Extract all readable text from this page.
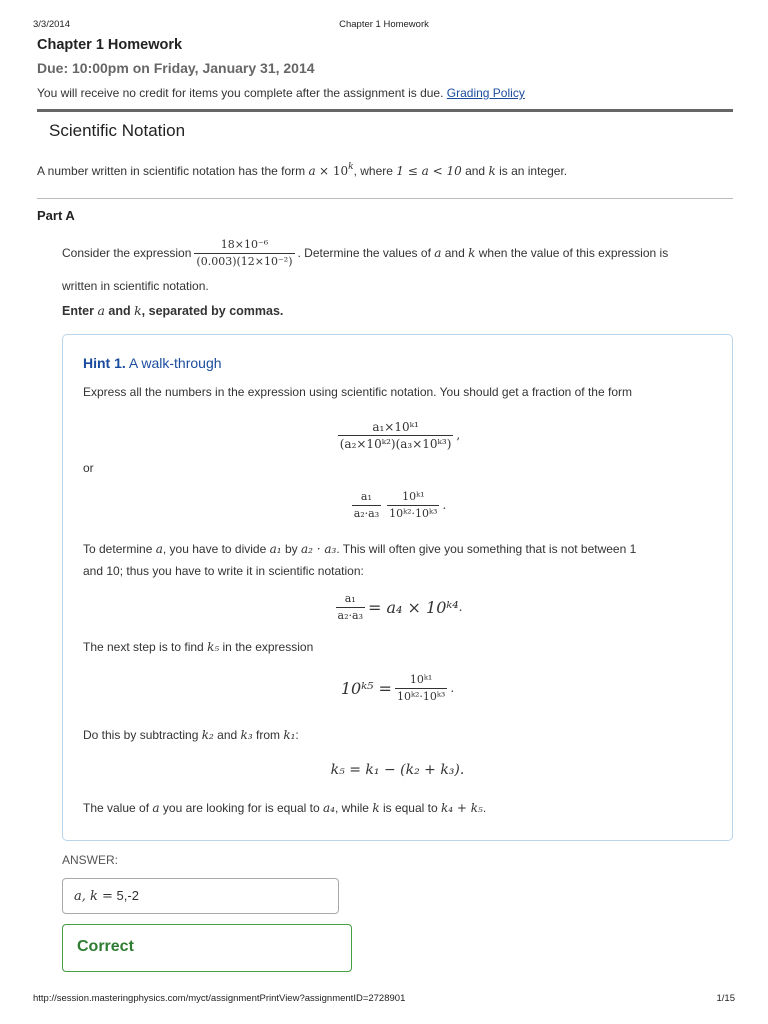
3/3/2014	Chapter 1 Homework
Chapter 1 Homework
Due: 10:00pm on Friday, January 31, 2014
You will receive no credit for items you complete after the assignment is due. Grading Policy
Scientific Notation
A number written in scientific notation has the form $a \times 10^k$, where 1 ≤ a < 10 and k is an integer.
Part A
Consider the expression $\frac{\text{18×10⁻⁶}}{\text{(0.003)(12×10⁻²)}}$ . Determine the values of
a
and
k
when the value of this expression is
written in scientific notation.
Enter a and k, separated by commas.
Hint 1. A walk-through
Express all the numbers in the expression using scientific notation. You should get a fraction of the form
$\frac{\text{a₁×10ᵏ¹}}{\text{(a₂×10ᵏ²)(a₃×10ᵏ³)}}$ ,
or
$\frac{\text{a₁}}{\text{a₂·a₃}} \frac{\text{10ᵏ¹}}{\text{10ᵏ²·10ᵏ³}}$ .
To determine a, you have to divide a₁ by a₂ · a₃. This will often give you something that is not between 1
and 10; thus you have to write it in scientific notation:
$\frac{\text{a₁}}{\text{a₂·a₃}} = a_4$ × 10ᵏ⁴ .
The next step is to find k₅ in the expression
10ᵏ⁵ = $\frac{\text{10ᵏ¹}}{\text{10ᵏ²·10ᵏ³}}$ .
Do this by subtracting k₂ and k₃ from k₁:
k₅ = k₁ − (k₂ + k₃).
The value of a you are looking for is equal to a₄, while k is equal to k₄ + k₅.
ANSWER:
a, k = 5,-2
Correct
http://session.masteringphysics.com/myct/assignmentPrintView?assignmentID=2728901	1/15
